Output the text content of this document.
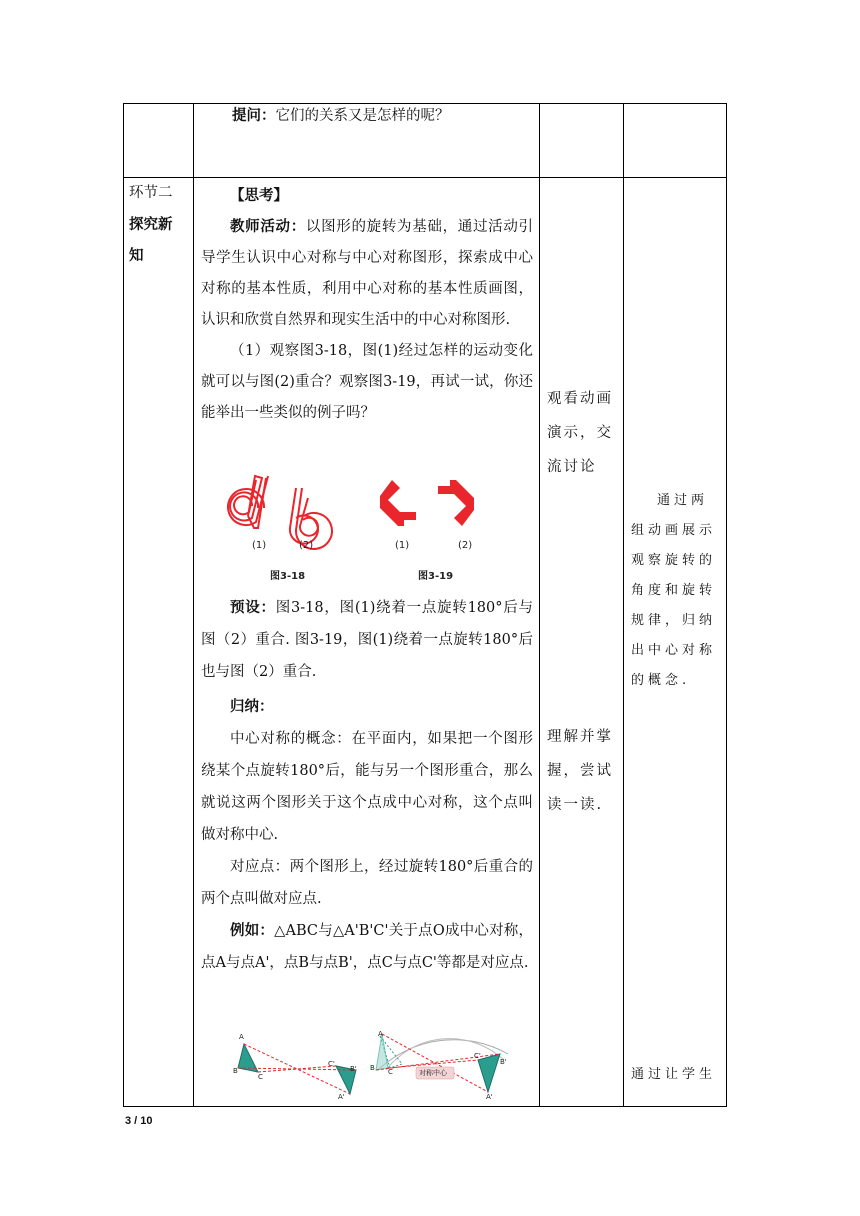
提问：它们的关系又是怎样的呢？
环节二
探究新
知

【思考】

教师活动：以图形的旋转为基础，通过活动引导学生认识中心对称与中心对称图形，探索成中心对称的基本性质，利用中心对称的基本性质画图，认识和欣赏自然界和现实生活中的中心对称图形.

（1）观察图3-18，图(1)经过怎样的运动变化就可以与图(2)重合？观察图3-19，再试一试，你还能举出一些类似的例子吗？

(1)	(2)
图3-18
(1)	(2)
图3-19

预设：图3-18，图(1)绕着一点旋转180°后与图（2）重合. 图3-19，图(1)绕着一点旋转180°后也与图（2）重合.

归纳：

中心对称的概念：在平面内，如果把一个图形绕某个点旋转180°后，能与另一个图形重合，那么就说这两个图形关于这个点成中心对称，这个点叫做对称中心.

对应点：两个图形上，经过旋转180°后重合的两个点叫做对应点.

例如：△ABC与△A'B'C'关于点O成中心对称，点A与点A'，点B与点B'，点C与点C'等都是对应点.

A
B
C
C'
B'
A'
A
B C
C'
B'
A'
对称中心
观看动画演示，交流讨论
理解并掌握，尝试读一读.
通过两组动画展示观察旋转的角度和旋转规律，归纳出中心对称的概念.
通过让学生
3 / 10
